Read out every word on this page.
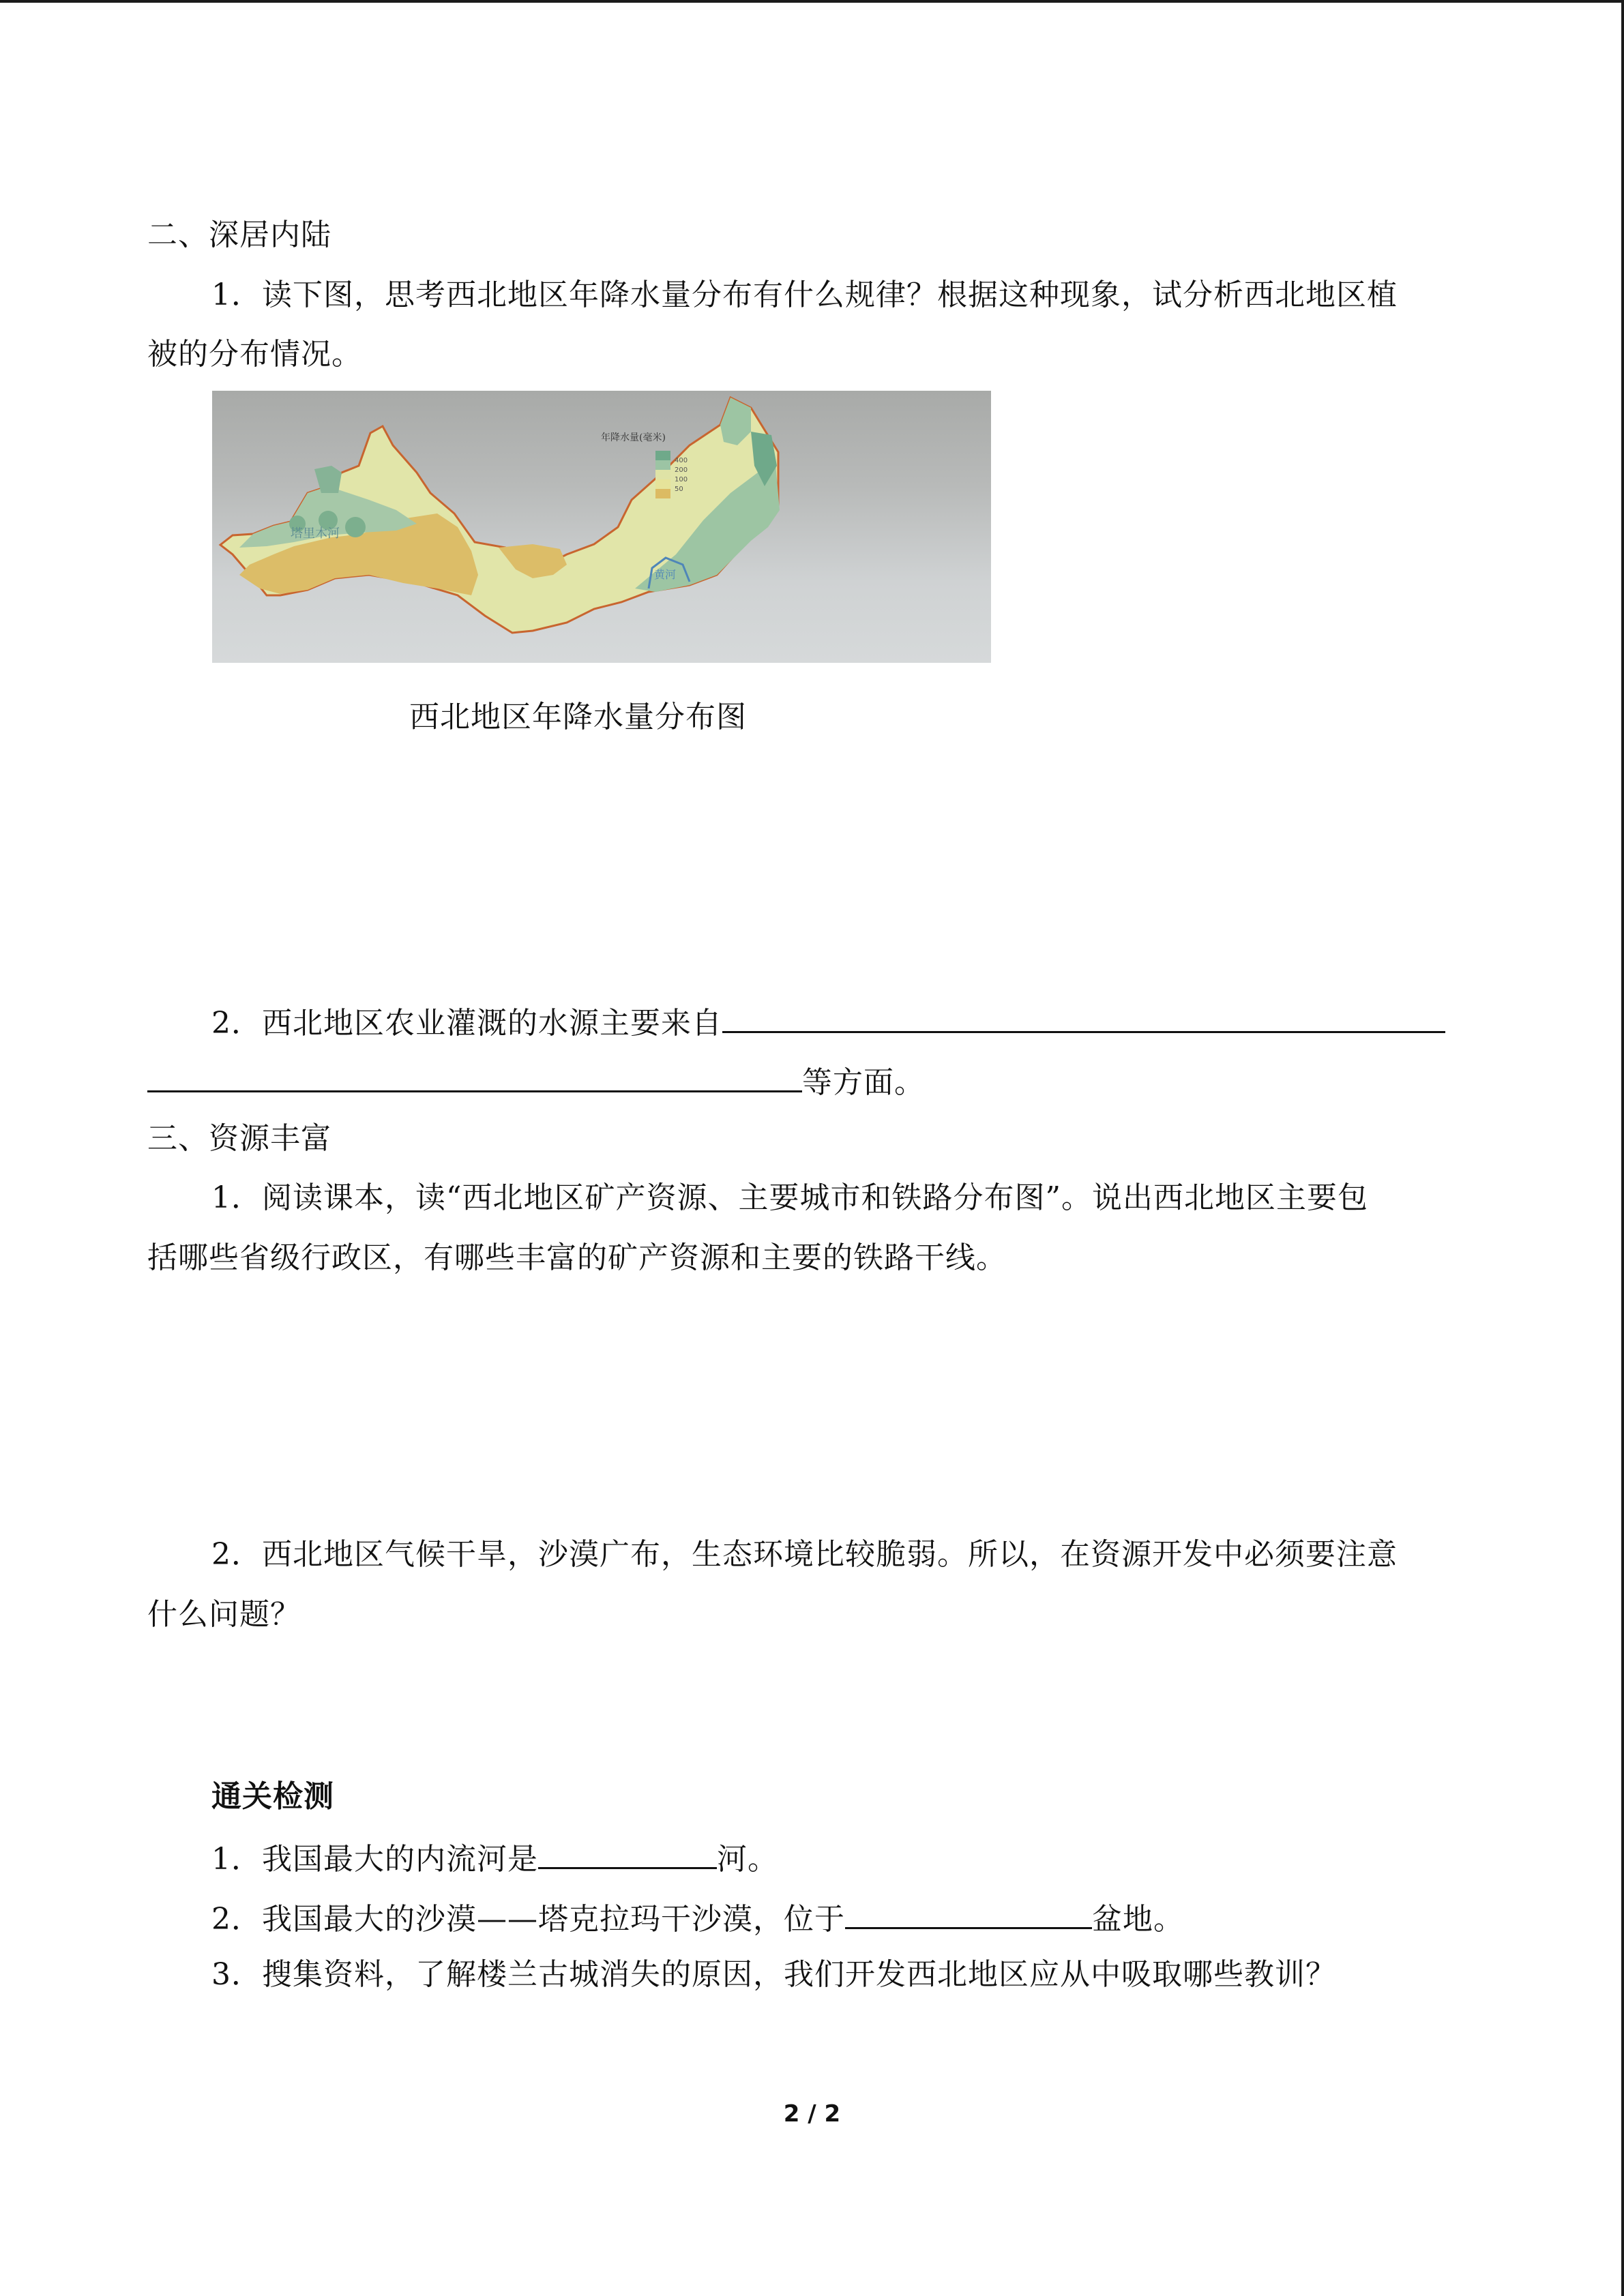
二、深居内陆
1．读下图，思考西北地区年降水量分布有什么规律？根据这种现象，试分析西北地区植
被的分布情况。
塔里木河
黄河
年降水量(毫米)
400
200
100
50
西北地区年降水量分布图
2．西北地区农业灌溉的水源主要来自
等方面。
三、资源丰富
1．阅读课本，读“西北地区矿产资源、主要城市和铁路分布图”。说出西北地区主要包
括哪些省级行政区，有哪些丰富的矿产资源和主要的铁路干线。
2．西北地区气候干旱，沙漠广布，生态环境比较脆弱。所以，在资源开发中必须要注意
什么问题？
通关检测
1．我国最大的内流河是	河。
2．我国最大的沙漠——塔克拉玛干沙漠，位于	盆地。
3．搜集资料，了解楼兰古城消失的原因，我们开发西北地区应从中吸取哪些教训？
2 / 2
